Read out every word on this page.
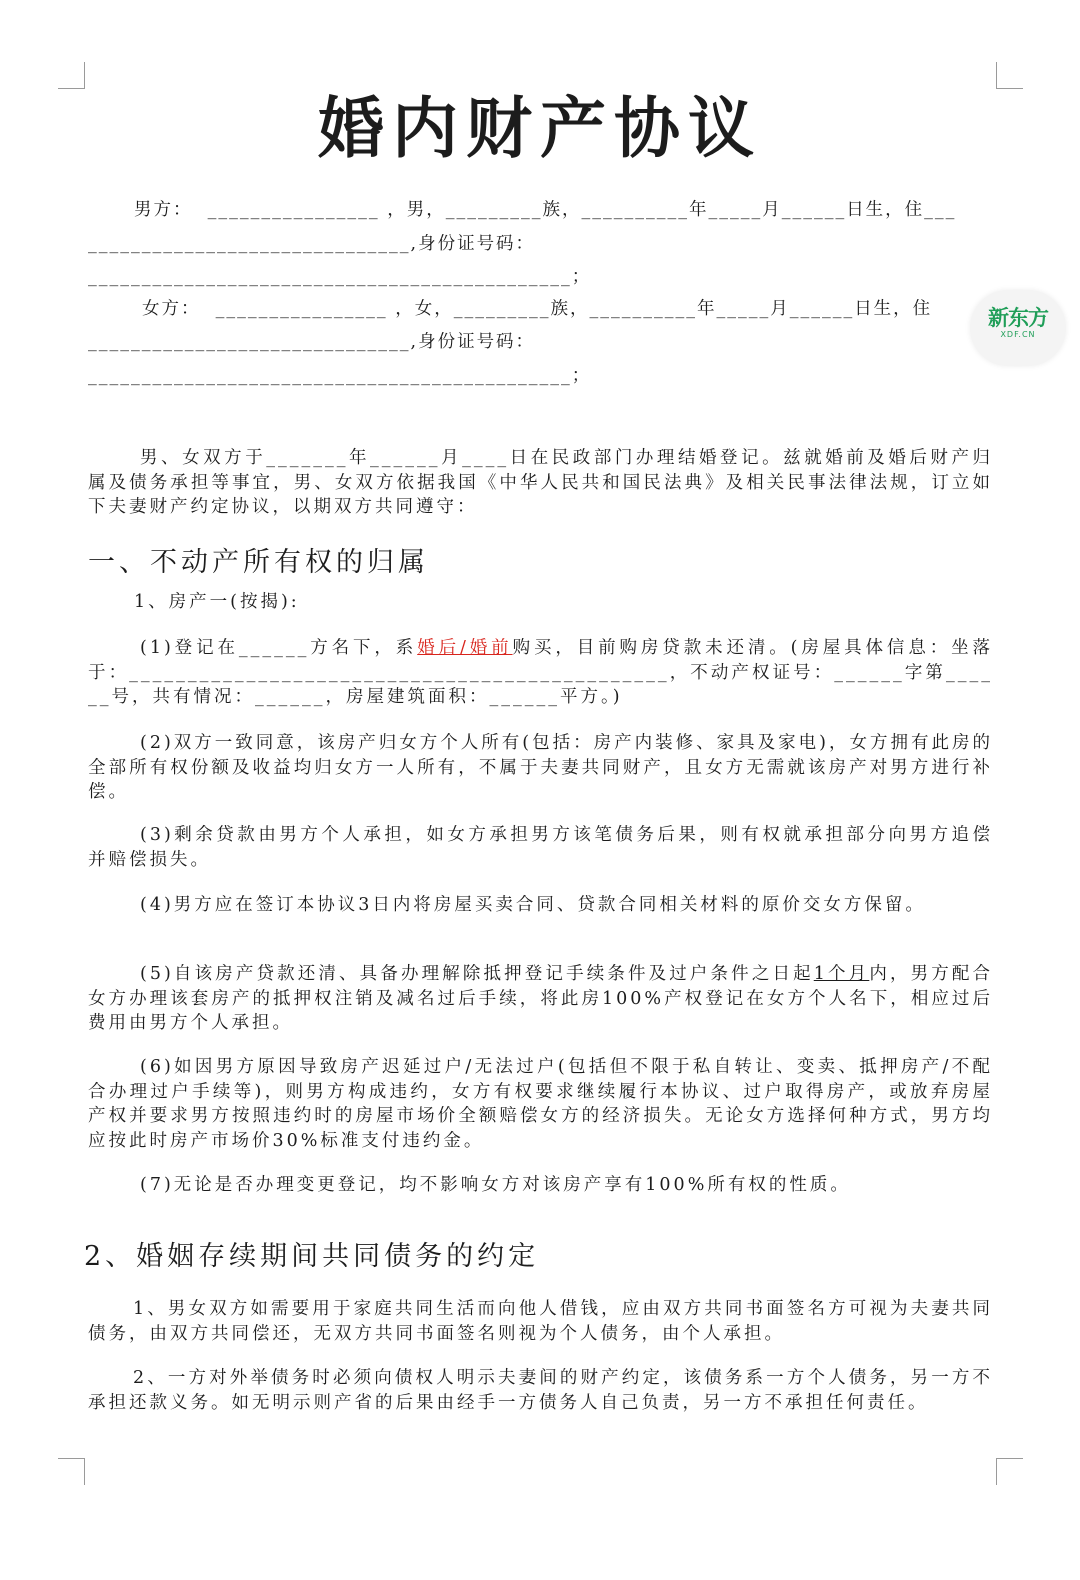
婚内财产协议
新东方
XDF.CN

男方：  ________________ ，男，_________族，__________年_____月______日生，住___

______________________________,身份证号码：

_____________________________________________；

女方：  ________________ ，女，_________族，__________年_____月______日生，住

______________________________,身份证号码：

_____________________________________________；

男、女双方于_______年______月____日在民政部门办理结婚登记。兹就婚前及婚后财产归属及债务承担等事宜，男、女双方依据我国《中华人民共和国民法典》及相关民事法律法规，订立如下夫妻财产约定协议，以期双方共同遵守：

一、不动产所有权的归属

1、房产一(按揭):

(1)登记在______方名下，系婚后/婚前购买，目前购房贷款未还清。(房屋具体信息：坐落于：______________________________________________，不动产权证号：______字第______号，共有情况：______，房屋建筑面积：______平方。)

(2)双方一致同意，该房产归女方个人所有(包括：房产内装修、家具及家电)，女方拥有此房的全部所有权份额及收益均归女方一人所有，不属于夫妻共同财产，且女方无需就该房产对男方进行补偿。

(3)剩余贷款由男方个人承担，如女方承担男方该笔债务后果，则有权就承担部分向男方追偿并赔偿损失。

(4)男方应在签订本协议3日内将房屋买卖合同、贷款合同相关材料的原价交女方保留。

(5)自该房产贷款还清、具备办理解除抵押登记手续条件及过户条件之日起1个月内，男方配合女方办理该套房产的抵押权注销及减名过后手续，将此房100%产权登记在女方个人名下，相应过后费用由男方个人承担。

(6)如因男方原因导致房产迟延过户/无法过户(包括但不限于私自转让、变卖、抵押房产/不配合办理过户手续等)，则男方构成违约，女方有权要求继续履行本协议、过户取得房产，或放弃房屋产权并要求男方按照违约时的房屋市场价全额赔偿女方的经济损失。无论女方选择何种方式，男方均应按此时房产市场价30%标准支付违约金。

(7)无论是否办理变更登记，均不影响女方对该房产享有100%所有权的性质。

2、婚姻存续期间共同债务的约定

1、男女双方如需要用于家庭共同生活而向他人借钱，应由双方共同书面签名方可视为夫妻共同债务，由双方共同偿还，无双方共同书面签名则视为个人债务，由个人承担。

2、一方对外举债务时必须向债权人明示夫妻间的财产约定，该债务系一方个人债务，另一方不承担还款义务。如无明示则产省的后果由经手一方债务人自己负责，另一方不承担任何责任。
